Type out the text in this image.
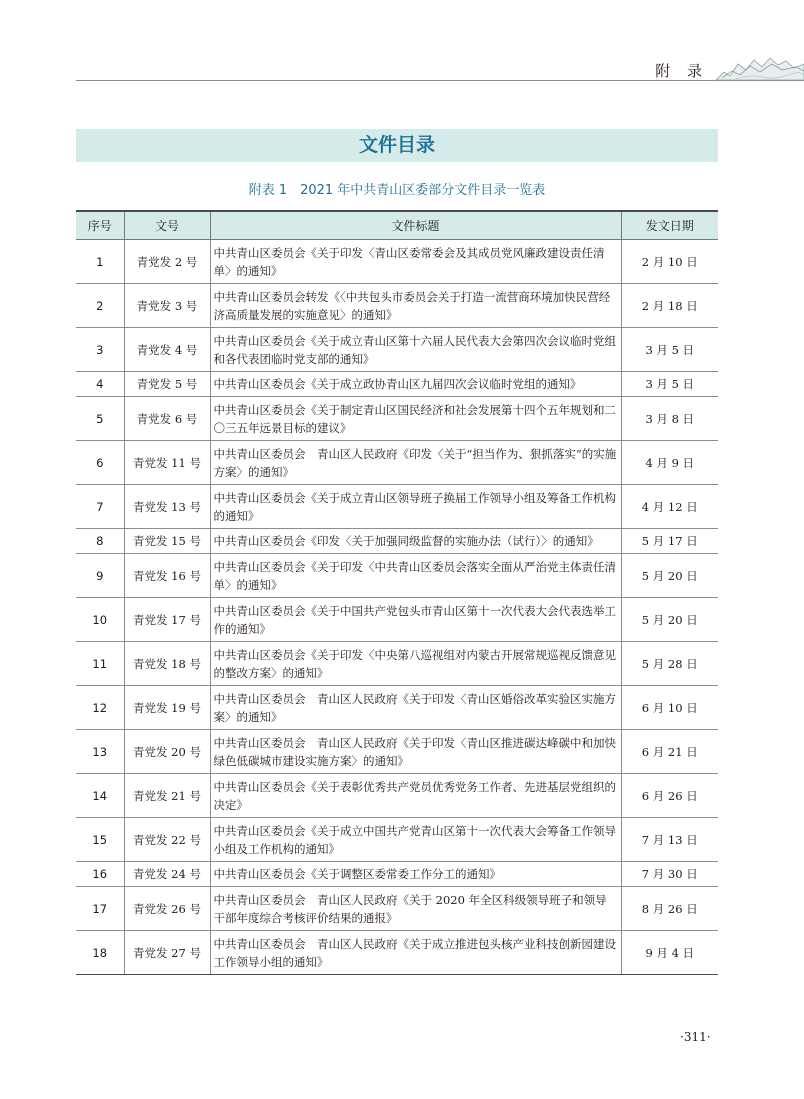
附 录
文件目录
附表 1　2021 年中共青山区委部分文件目录一览表
序号	文号	文件标题	发文日期
1	青党发 2 号	中共青山区委员会《关于印发〈青山区委常委会及其成员党风廉政建设责任清单〉的通知》	2 月 10 日
2	青党发 3 号	中共青山区委员会转发《〈中共包头市委员会关于打造一流营商环境加快民营经济高质量发展的实施意见〉的通知》	2 月 18 日
3	青党发 4 号	中共青山区委员会《关于成立青山区第十六届人民代表大会第四次会议临时党组和各代表团临时党支部的通知》	3 月 5 日
4	青党发 5 号	中共青山区委员会《关于成立政协青山区九届四次会议临时党组的通知》	3 月 5 日
5	青党发 6 号	中共青山区委员会《关于制定青山区国民经济和社会发展第十四个五年规划和二〇三五年远景目标的建议》	3 月 8 日
6	青党发 11 号	中共青山区委员会　青山区人民政府《印发〈关于“担当作为、狠抓落实”的实施方案〉的通知》	4 月 9 日
7	青党发 13 号	中共青山区委员会《关于成立青山区领导班子换届工作领导小组及筹备工作机构的通知》	4 月 12 日
8	青党发 15 号	中共青山区委员会《印发〈关于加强同级监督的实施办法（试行）〉的通知》	5 月 17 日
9	青党发 16 号	中共青山区委员会《关于印发〈中共青山区委员会落实全面从严治党主体责任清单〉的通知》	5 月 20 日
10	青党发 17 号	中共青山区委员会《关于中国共产党包头市青山区第十一次代表大会代表选举工作的通知》	5 月 20 日
11	青党发 18 号	中共青山区委员会《关于印发〈中央第八巡视组对内蒙古开展常规巡视反馈意见的整改方案〉的通知》	5 月 28 日
12	青党发 19 号	中共青山区委员会　青山区人民政府《关于印发〈青山区婚俗改革实验区实施方案〉的通知》	6 月 10 日
13	青党发 20 号	中共青山区委员会　青山区人民政府《关于印发〈青山区推进碳达峰碳中和加快绿色低碳城市建设实施方案〉的通知》	6 月 21 日
14	青党发 21 号	中共青山区委员会《关于表彰优秀共产党员优秀党务工作者、先进基层党组织的决定》	6 月 26 日
15	青党发 22 号	中共青山区委员会《关于成立中国共产党青山区第十一次代表大会筹备工作领导小组及工作机构的通知》	7 月 13 日
16	青党发 24 号	中共青山区委员会《关于调整区委常委工作分工的通知》	7 月 30 日
17	青党发 26 号	中共青山区委员会　青山区人民政府《关于 2020 年全区科级领导班子和领导干部年度综合考核评价结果的通报》	8 月 26 日
18	青党发 27 号	中共青山区委员会　青山区人民政府《关于成立推进包头核产业科技创新园建设工作领导小组的通知》	9 月 4 日
·311·
